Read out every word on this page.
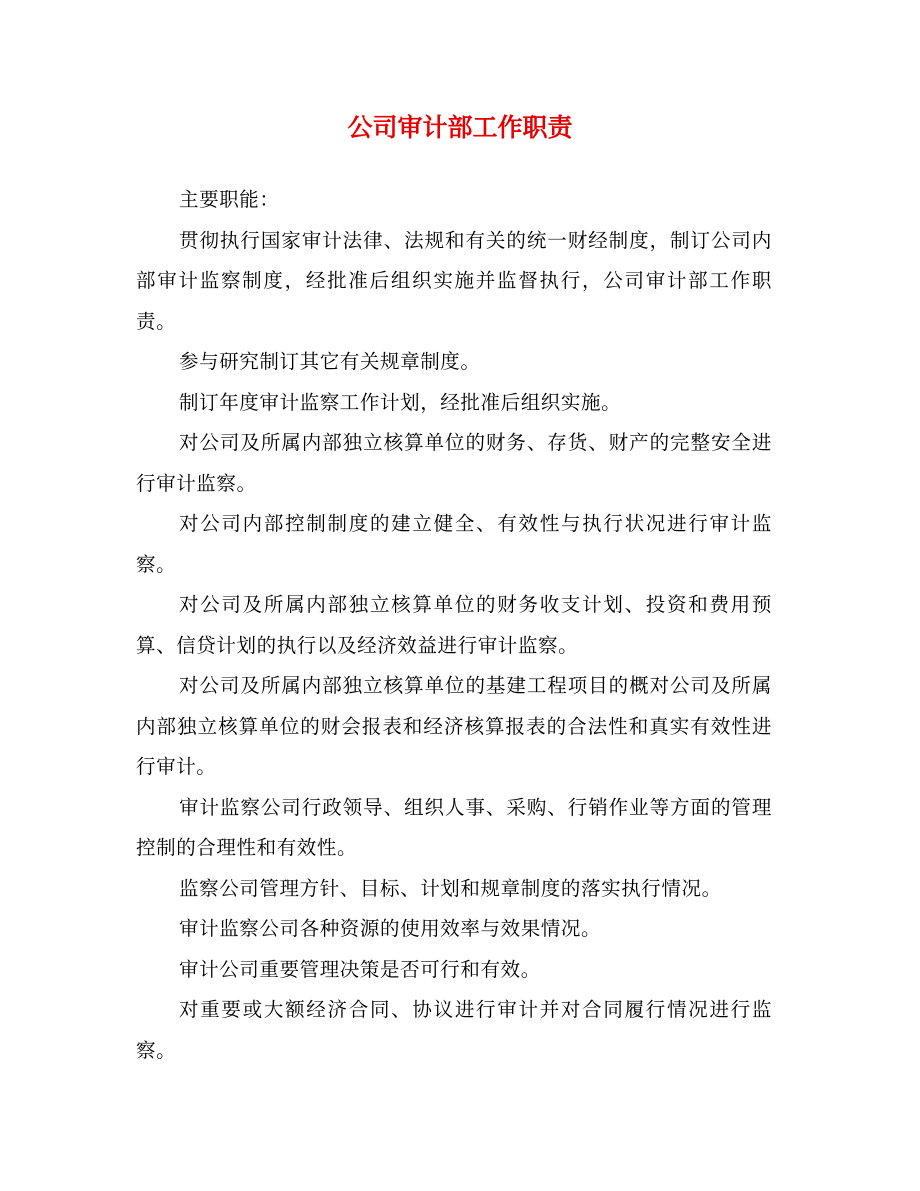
公司审计部工作职责

主要职能：

贯彻执行国家审计法律、法规和有关的统一财经制度，制订公司内部审计监察制度，经批准后组织实施并监督执行，公司审计部工作职责。

参与研究制订其它有关规章制度。

制订年度审计监察工作计划，经批准后组织实施。

对公司及所属内部独立核算单位的财务、存货、财产的完整安全进行审计监察。

对公司内部控制制度的建立健全、有效性与执行状况进行审计监察。

对公司及所属内部独立核算单位的财务收支计划、投资和费用预算、信贷计划的执行以及经济效益进行审计监察。

对公司及所属内部独立核算单位的基建工程项目的概对公司及所属内部独立核算单位的财会报表和经济核算报表的合法性和真实有效性进行审计。

审计监察公司行政领导、组织人事、采购、行销作业等方面的管理控制的合理性和有效性。

监察公司管理方针、目标、计划和规章制度的落实执行情况。

审计监察公司各种资源的使用效率与效果情况。

审计公司重要管理决策是否可行和有效。

对重要或大额经济合同、协议进行审计并对合同履行情况进行监察。
